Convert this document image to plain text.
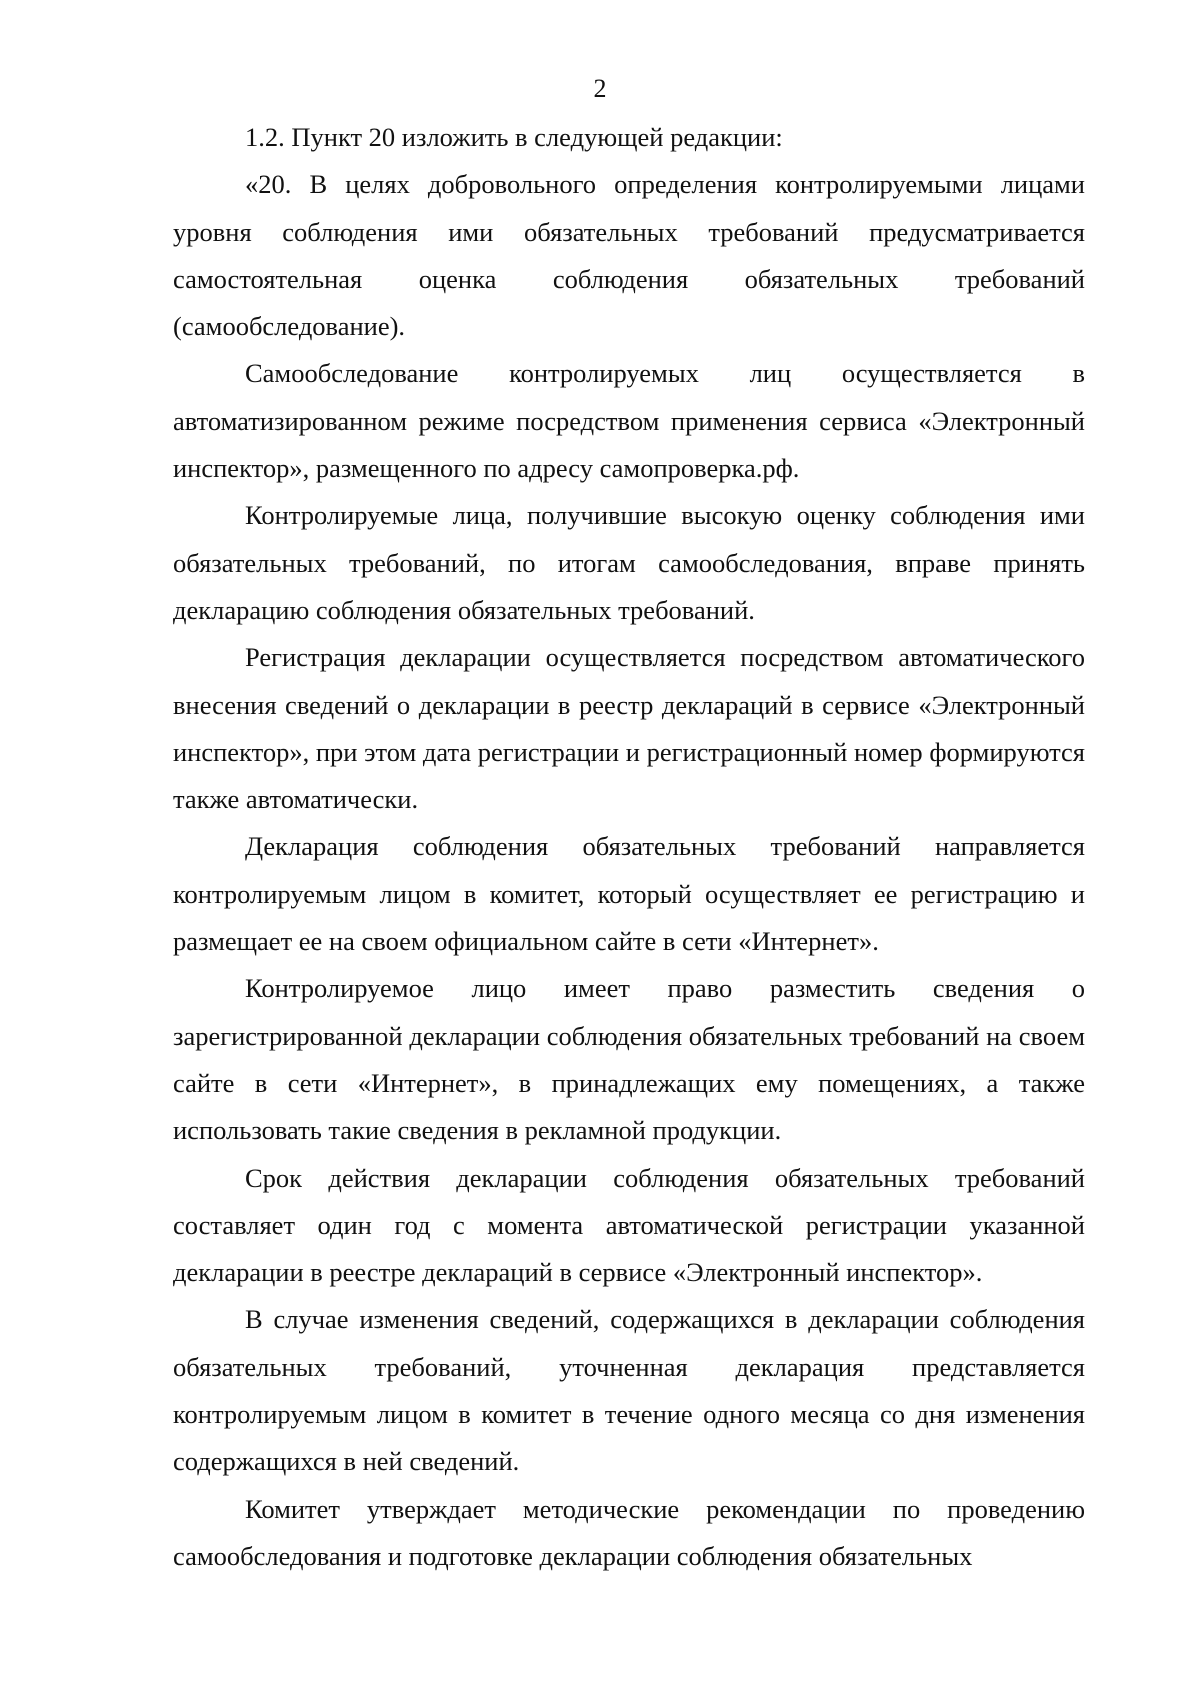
2

1.2. Пункт 20 изложить в следующей редакции:

«20. В целях добровольного определения контролируемыми лицами уровня соблюдения ими обязательных требований предусматривается самостоятельная оценка соблюдения обязательных требований (самообследование).

Самообследование контролируемых лиц осуществляется в автоматизированном режиме посредством применения сервиса «Электронный инспектор», размещенного по адресу самопроверка.рф.

Контролируемые лица, получившие высокую оценку соблюдения ими обязательных требований, по итогам самообследования, вправе принять декларацию соблюдения обязательных требований.

Регистрация декларации осуществляется посредством автоматического внесения сведений о декларации в реестр деклараций в сервисе «Электронный инспектор», при этом дата регистрации и регистрационный номер формируются также автоматически.

Декларация соблюдения обязательных требований направляется контролируемым лицом в комитет, который осуществляет ее регистрацию и размещает ее на своем официальном сайте в сети «Интернет».

Контролируемое лицо имеет право разместить сведения о зарегистрированной декларации соблюдения обязательных требований на своем сайте в сети «Интернет», в принадлежащих ему помещениях, а также использовать такие сведения в рекламной продукции.

Срок действия декларации соблюдения обязательных требований составляет один год с момента автоматической регистрации указанной декларации в реестре деклараций в сервисе «Электронный инспектор».

В случае изменения сведений, содержащихся в декларации соблюдения обязательных требований, уточненная декларация представляется контролируемым лицом в комитет в течение одного месяца со дня изменения содержащихся в ней сведений.

Комитет утверждает методические рекомендации по проведению самообследования и подготовке декларации соблюдения обязательных
